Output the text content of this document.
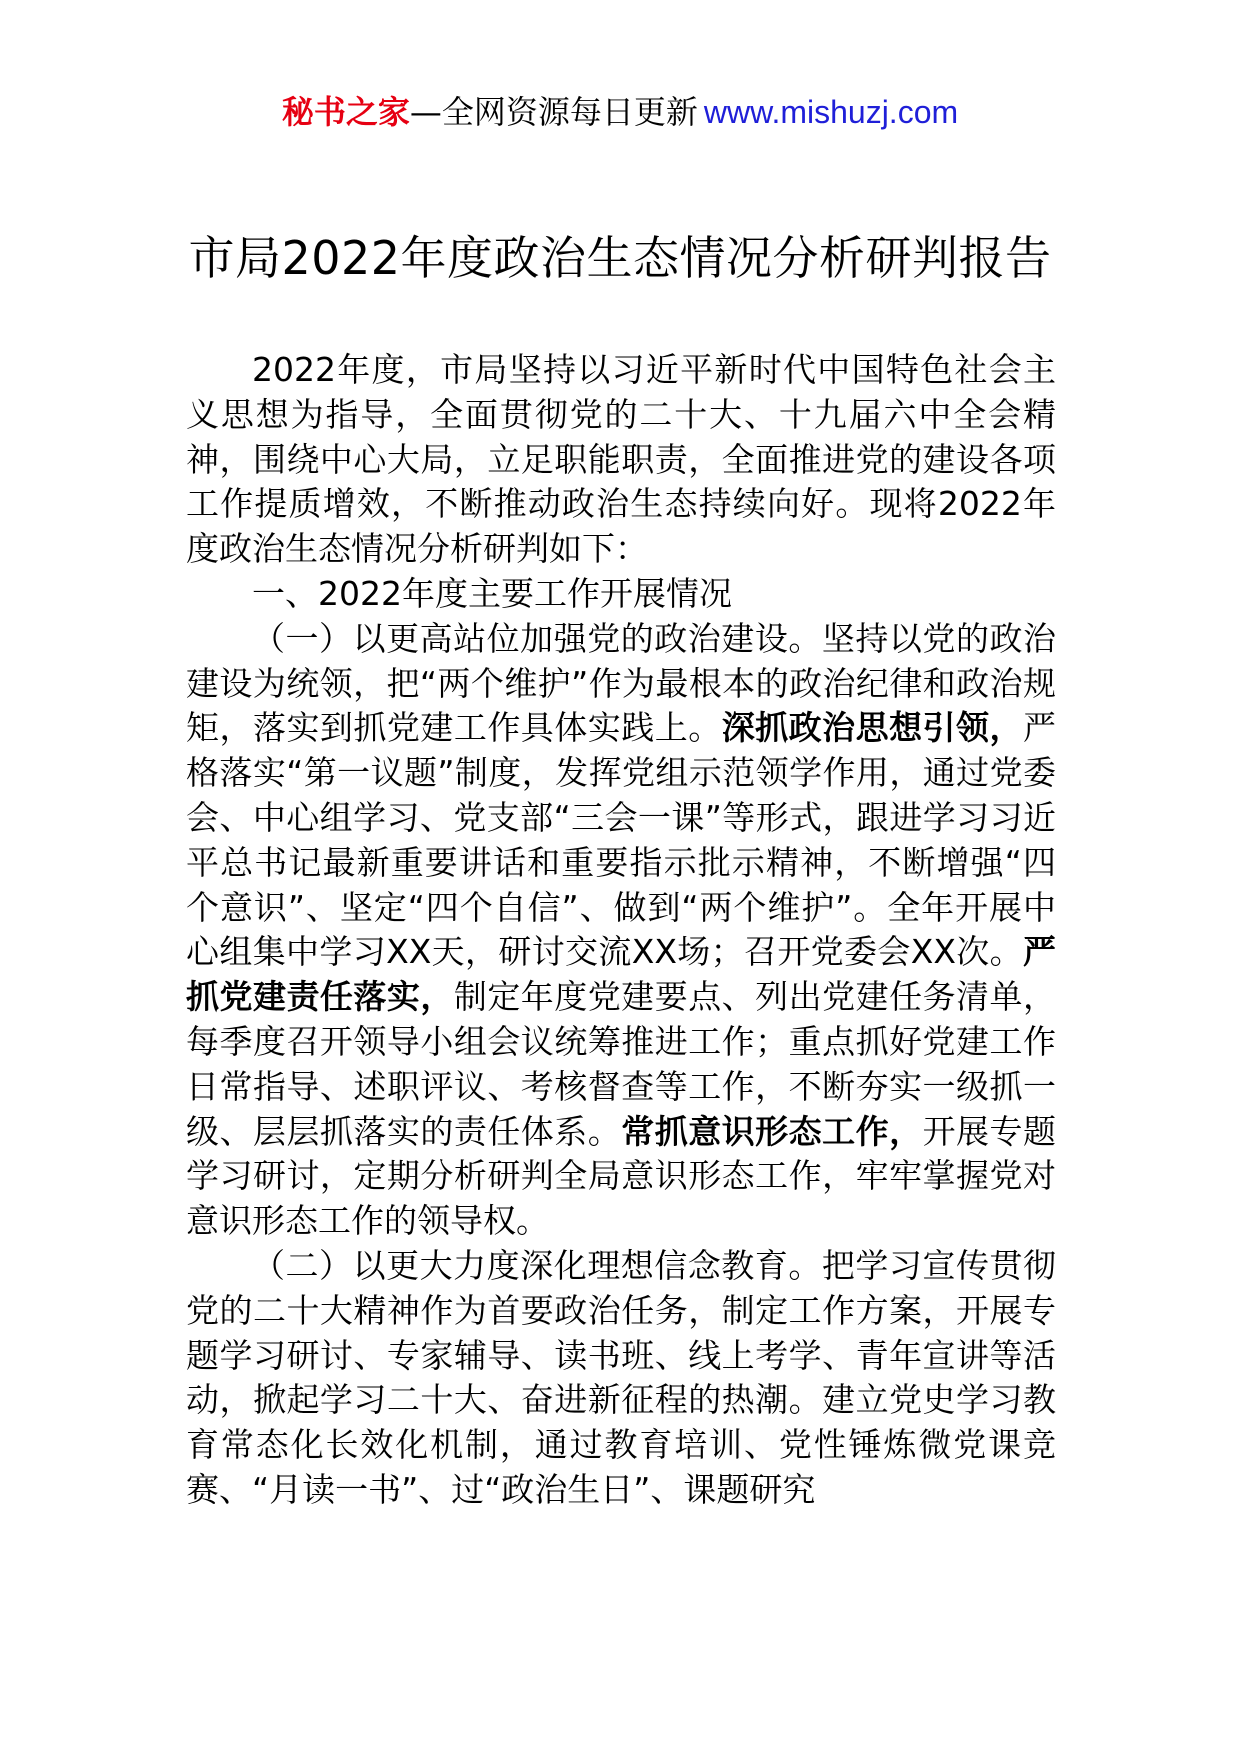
秘书之家—全网资源每日更新 www.mishuzj.com
市局2022年度政治生态情况分析研判报告

2022年度，市局坚持以习近平新时代中国特色社会主义思想为指导，全面贯彻党的二十大、十九届六中全会精神，围绕中心大局，立足职能职责，全面推进党的建设各项工作提质增效，不断推动政治生态持续向好。现将2022年度政治生态情况分析研判如下：

一、2022年度主要工作开展情况

（一）以更高站位加强党的政治建设。坚持以党的政治建设为统领，把“两个维护”作为最根本的政治纪律和政治规矩，落实到抓党建工作具体实践上。深抓政治思想引领，严格落实“第一议题”制度，发挥党组示范领学作用，通过党委会、中心组学习、党支部“三会一课”等形式，跟进学习习近平总书记最新重要讲话和重要指示批示精神，不断增强“四个意识”、坚定“四个自信”、做到“两个维护”。全年开展中心组集中学习XX天，研讨交流XX场；召开党委会XX次。严抓党建责任落实，制定年度党建要点、列出党建任务清单，每季度召开领导小组会议统筹推进工作；重点抓好党建工作日常指导、述职评议、考核督查等工作，不断夯实一级抓一级、层层抓落实的责任体系。常抓意识形态工作，开展专题学习研讨，定期分析研判全局意识形态工作，牢牢掌握党对意识形态工作的领导权。

（二）以更大力度深化理想信念教育。把学习宣传贯彻党的二十大精神作为首要政治任务，制定工作方案，开展专题学习研讨、专家辅导、读书班、线上考学、青年宣讲等活动，掀起学习二十大、奋进新征程的热潮。建立党史学习教育常态化长效化机制，通过教育培训、党性锤炼微党课竞赛、“月读一书”、过“政治生日”、课题研究
